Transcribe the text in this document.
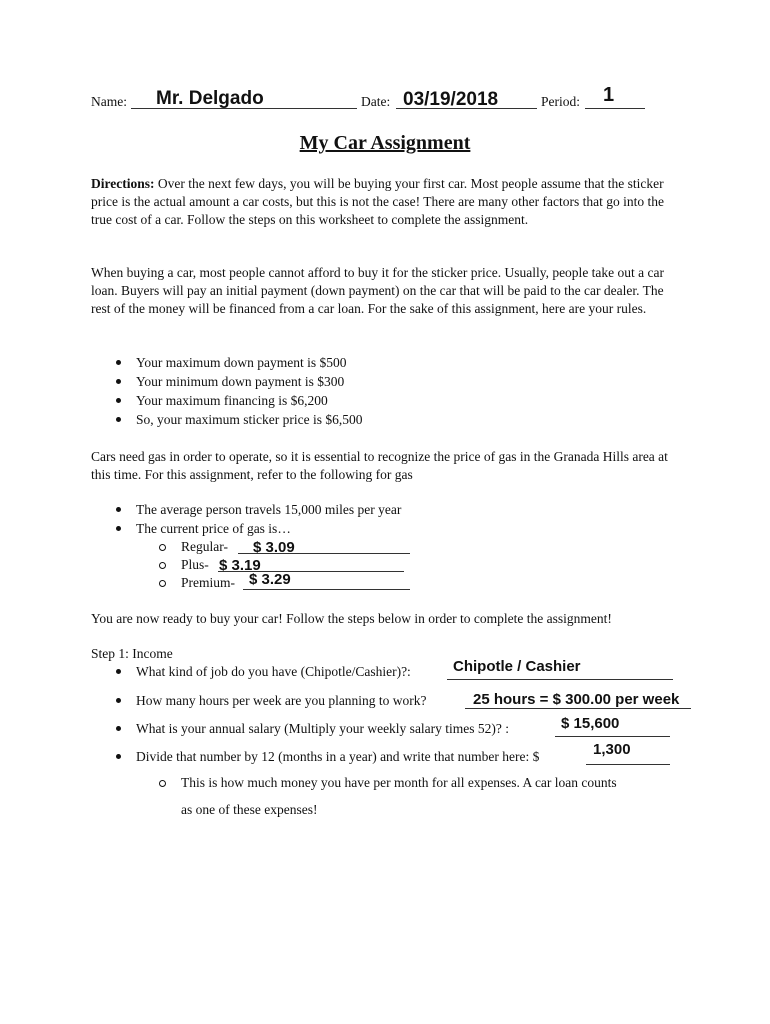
Name: Mr. Delgado	Date: 03/19/2018	Period: 1
My Car Assignment
Directions: Over the next few days, you will be buying your first car. Most people assume that the sticker price is the actual amount a car costs, but this is not the case! There are many other factors that go into the true cost of a car. Follow the steps on this worksheet to complete the assignment.
When buying a car, most people cannot afford to buy it for the sticker price. Usually, people take out a car loan. Buyers will pay an initial payment (down payment) on the car that will be paid to the car dealer. The rest of the money will be financed from a car loan. For the sake of this assignment, here are your rules.
Your maximum down payment is $500
Your minimum down payment is $300
Your maximum financing is $6,200
So, your maximum sticker price is $6,500
Cars need gas in order to operate, so it is essential to recognize the price of gas in the Granada Hills area at this time. For this assignment, refer to the following for gas
The average person travels 15,000 miles per year
The current price of gas is…
Regular- $ 3.09
Plus- $ 3.19
Premium- $ 3.29
You are now ready to buy your car! Follow the steps below in order to complete the assignment!
Step 1: Income
What kind of job do you have (Chipotle/Cashier)?:	Chipotle / Cashier
How many hours per week are you planning to work?	25 hours = $ 300.00 per week
What is your annual salary (Multiply your weekly salary times 52)? :	$ 15,600
Divide that number by 12 (months in a year) and write that number here: $	1,300
This is how much money you have per month for all expenses. A car loan counts
as one of these expenses!
